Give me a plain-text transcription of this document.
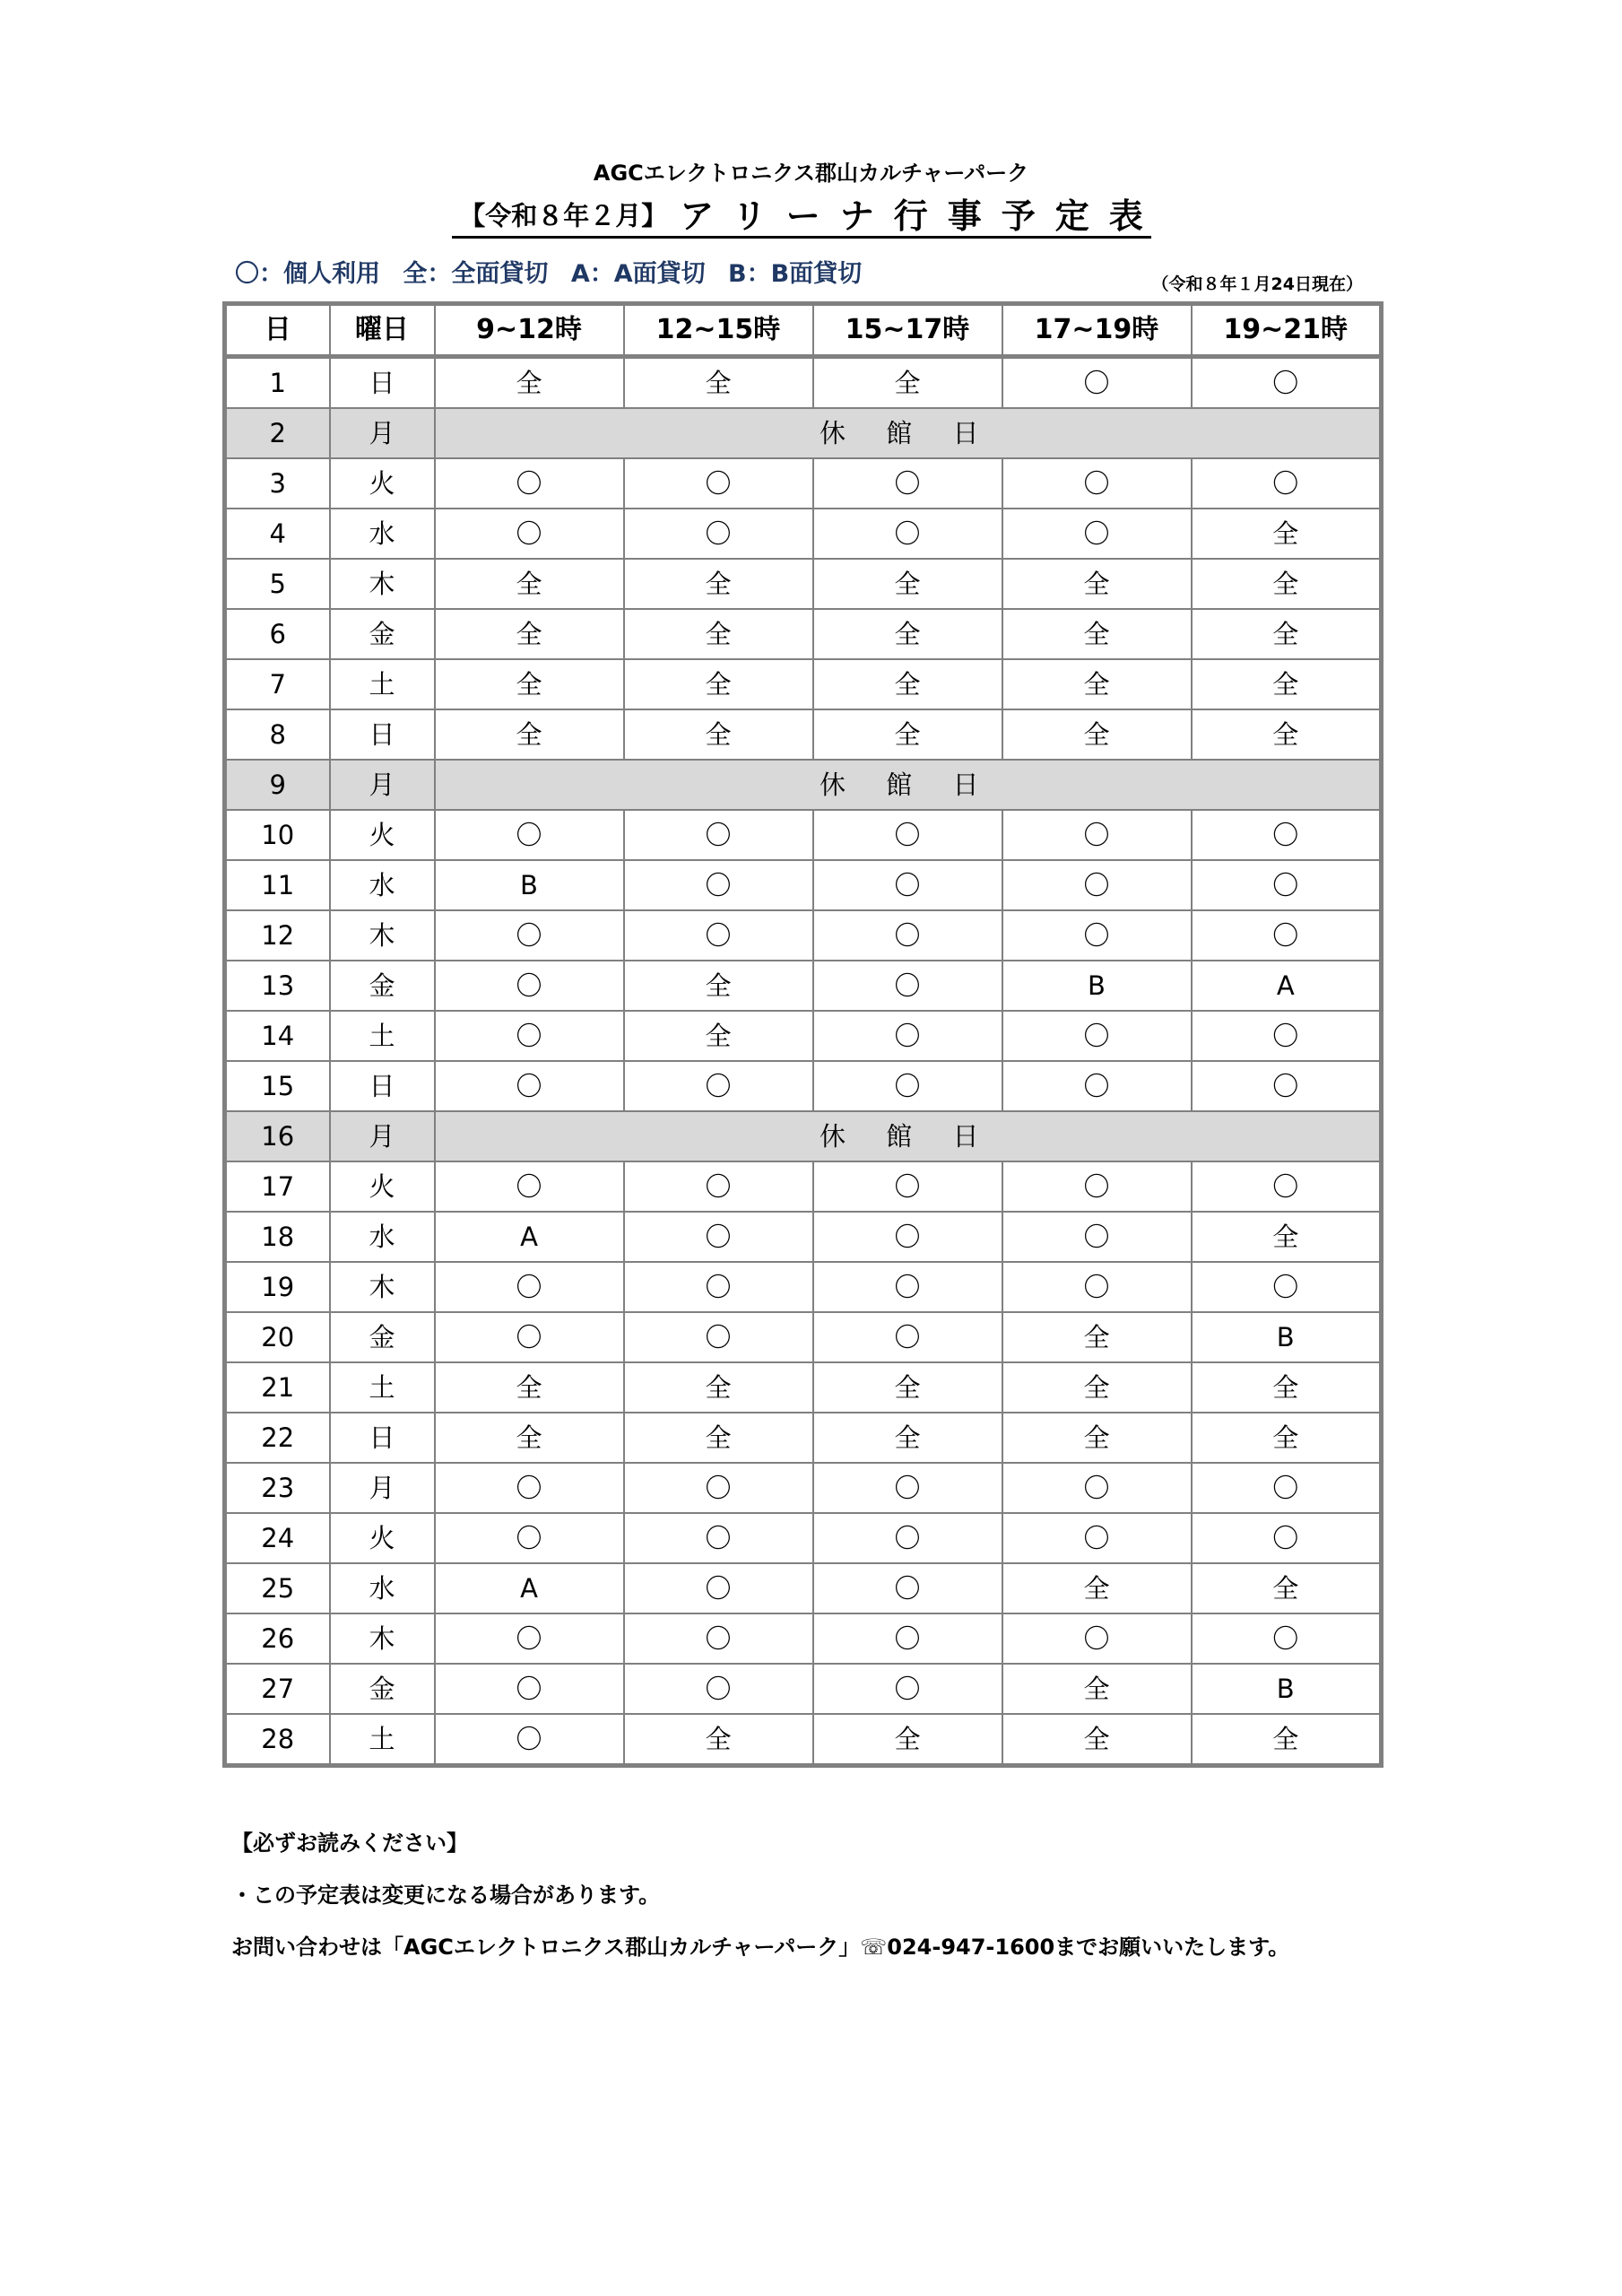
AGCエレクトロニクス郡山カルチャーパーク
【令和８年２月】 アリーナ行事予定表
〇：個人利用 全：全面貸切 A：A面貸切 B：B面貸切	（令和８年１月24日現在）
日	曜日	9~12時	12~15時	15~17時	17~19時	19~21時
1	日	全	全	全	〇	〇
2	月	休 館 日				
3	火	〇	〇	〇	〇	〇
4	水	〇	〇	〇	〇	全
5	木	全	全	全	全	全
6	金	全	全	全	全	全
7	土	全	全	全	全	全
8	日	全	全	全	全	全
9	月	休 館 日				
10	火	〇	〇	〇	〇	〇
11	水	B	〇	〇	〇	〇
12	木	〇	〇	〇	〇	〇
13	金	〇	全	〇	B	A
14	土	〇	全	〇	〇	〇
15	日	〇	〇	〇	〇	〇
16	月	休 館 日				
17	火	〇	〇	〇	〇	〇
18	水	A	〇	〇	〇	全
19	木	〇	〇	〇	〇	〇
20	金	〇	〇	〇	全	B
21	土	全	全	全	全	全
22	日	全	全	全	全	全
23	月	〇	〇	〇	〇	〇
24	火	〇	〇	〇	〇	〇
25	水	A	〇	〇	全	全
26	木	〇	〇	〇	〇	〇
27	金	〇	〇	〇	全	B
28	土	〇	全	全	全	全
【必ずお読みください】
・この予定表は変更になる場合があります。
お問い合わせは「AGCエレクトロニクス郡山カルチャーパーク」☏024-947-1600までお願いいたします。
